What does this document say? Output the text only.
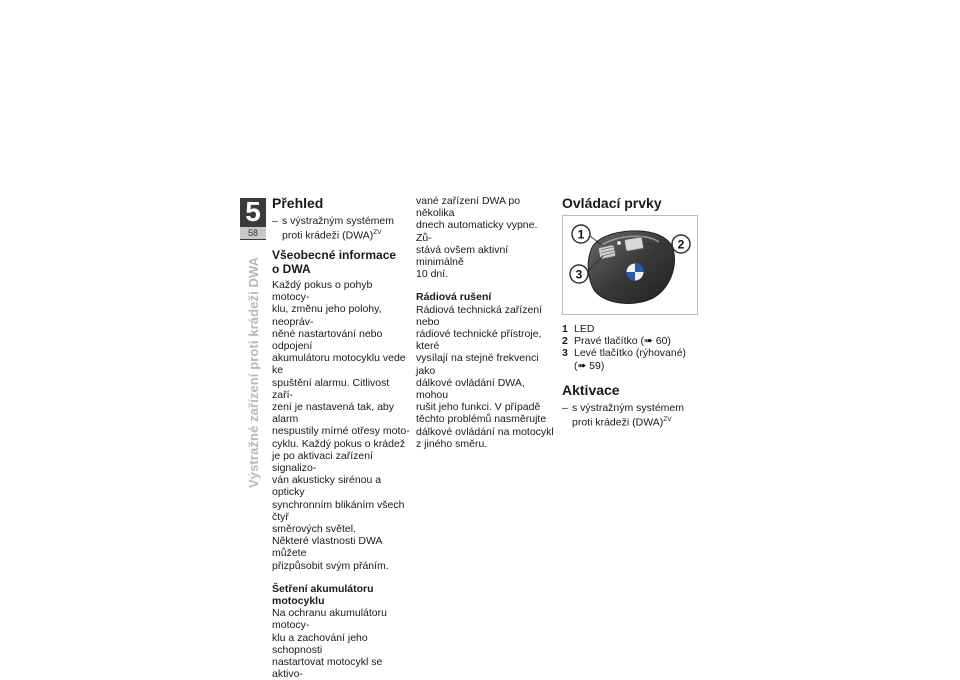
5
58
Výstražné zařízení proti krádeži DWA
Přehled
– s výstražným systémem proti krádeži (DWA)$^{ZV}$
Všeobecné informace
o DWA

Každý pokus o pohyb motocy-

klu, změnu jeho polohy, neopráv-

něné nastartování nebo odpojení

akumulátoru motocyklu vede ke

spuštění alarmu. Citlivost zaří-

zení je nastavená tak, aby alarm

nespustily mírné otřesy moto-

cyklu. Každý pokus o krádež

je po aktivaci zařízení signalizo-

ván akusticky sirénou a opticky

synchronním blikáním všech čtyř

směrových světel.

Některé vlastnosti DWA můžete

přizpůsobit svým přáním.

Šetření akumulátoru
motocyklu

Na ochranu akumulátoru motocy-

klu a zachování jeho schopnosti

nastartovat motocykl se aktivo-

vané zařízení DWA po několika

dnech automaticky vypne. Zů-

stává ovšem aktivní minimálně

10 dní.

Rádiová rušení

Rádiová technická zařízení nebo

rádiové technické přístroje, které

vysílají na stejné frekvenci jako

dálkové ovládání DWA, mohou

rušit jeho funkci. V případě

těchto problémů nasměrujte

dálkové ovládání na motocykl

z jiného směru.

Ovládací prvky
1
2
3
1 LED
2 Pravé tlačítko (➠ 60)
3 Levé tlačítko (rýhované)
(➠ 59)
Aktivace
– s výstražným systémem proti krádeži (DWA)$^{ZV}$
